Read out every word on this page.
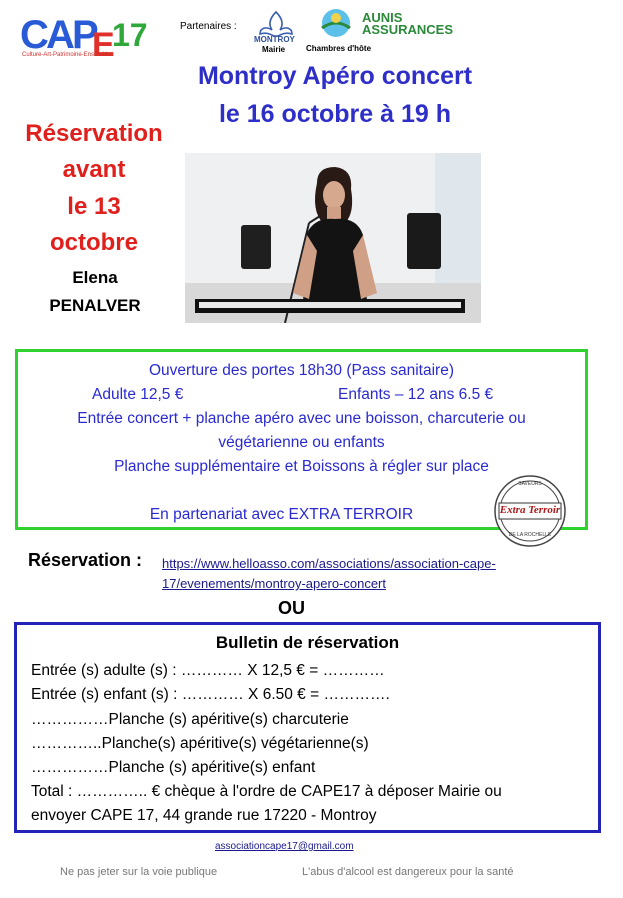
C
A
P
E
17
Culture-Art-Patrimoine-Ensemble
Partenaires :
MONTROY
Mairie	Chambres d'hôte
AUNIS
ASSURANCES
Montroy Apéro concert
le 16 octobre à 19 h
Réservation
avant
le 13
octobre
Elena
PENALVER
Ouverture des portes 18h30 (Pass sanitaire)
Adulte 12,5 €	Enfants – 12 ans 6.5 €
Entrée concert + planche apéro avec une boisson, charcuterie ou
végétarienne ou enfants
Planche supplémentaire et Boissons à régler sur place
En partenariat avec EXTRA TERROIR
SAVEURS
Extra Terroir
DE LA ROCHELLE
Réservation : https://www.helloasso.com/associations/association-cape-
17/evenements/montroy-apero-concert
OU
Bulletin de réservation
Entrée (s) adulte (s) : ………… X 12,5 € = …………
Entrée (s) enfant (s) : ………… X 6.50 € = ………….
……………Planche (s) apéritive(s) charcuterie
…………..Planche(s) apéritive(s) végétarienne(s)
……………Planche (s) apéritive(s) enfant
Total : ………….. € chèque à l'ordre de CAPE17 à déposer Mairie ou
envoyer CAPE 17, 44 grande rue 17220 - Montroy
associationcape17@gmail.com
Ne pas jeter sur la voie publique	L'abus d'alcool est dangereux pour la santé
